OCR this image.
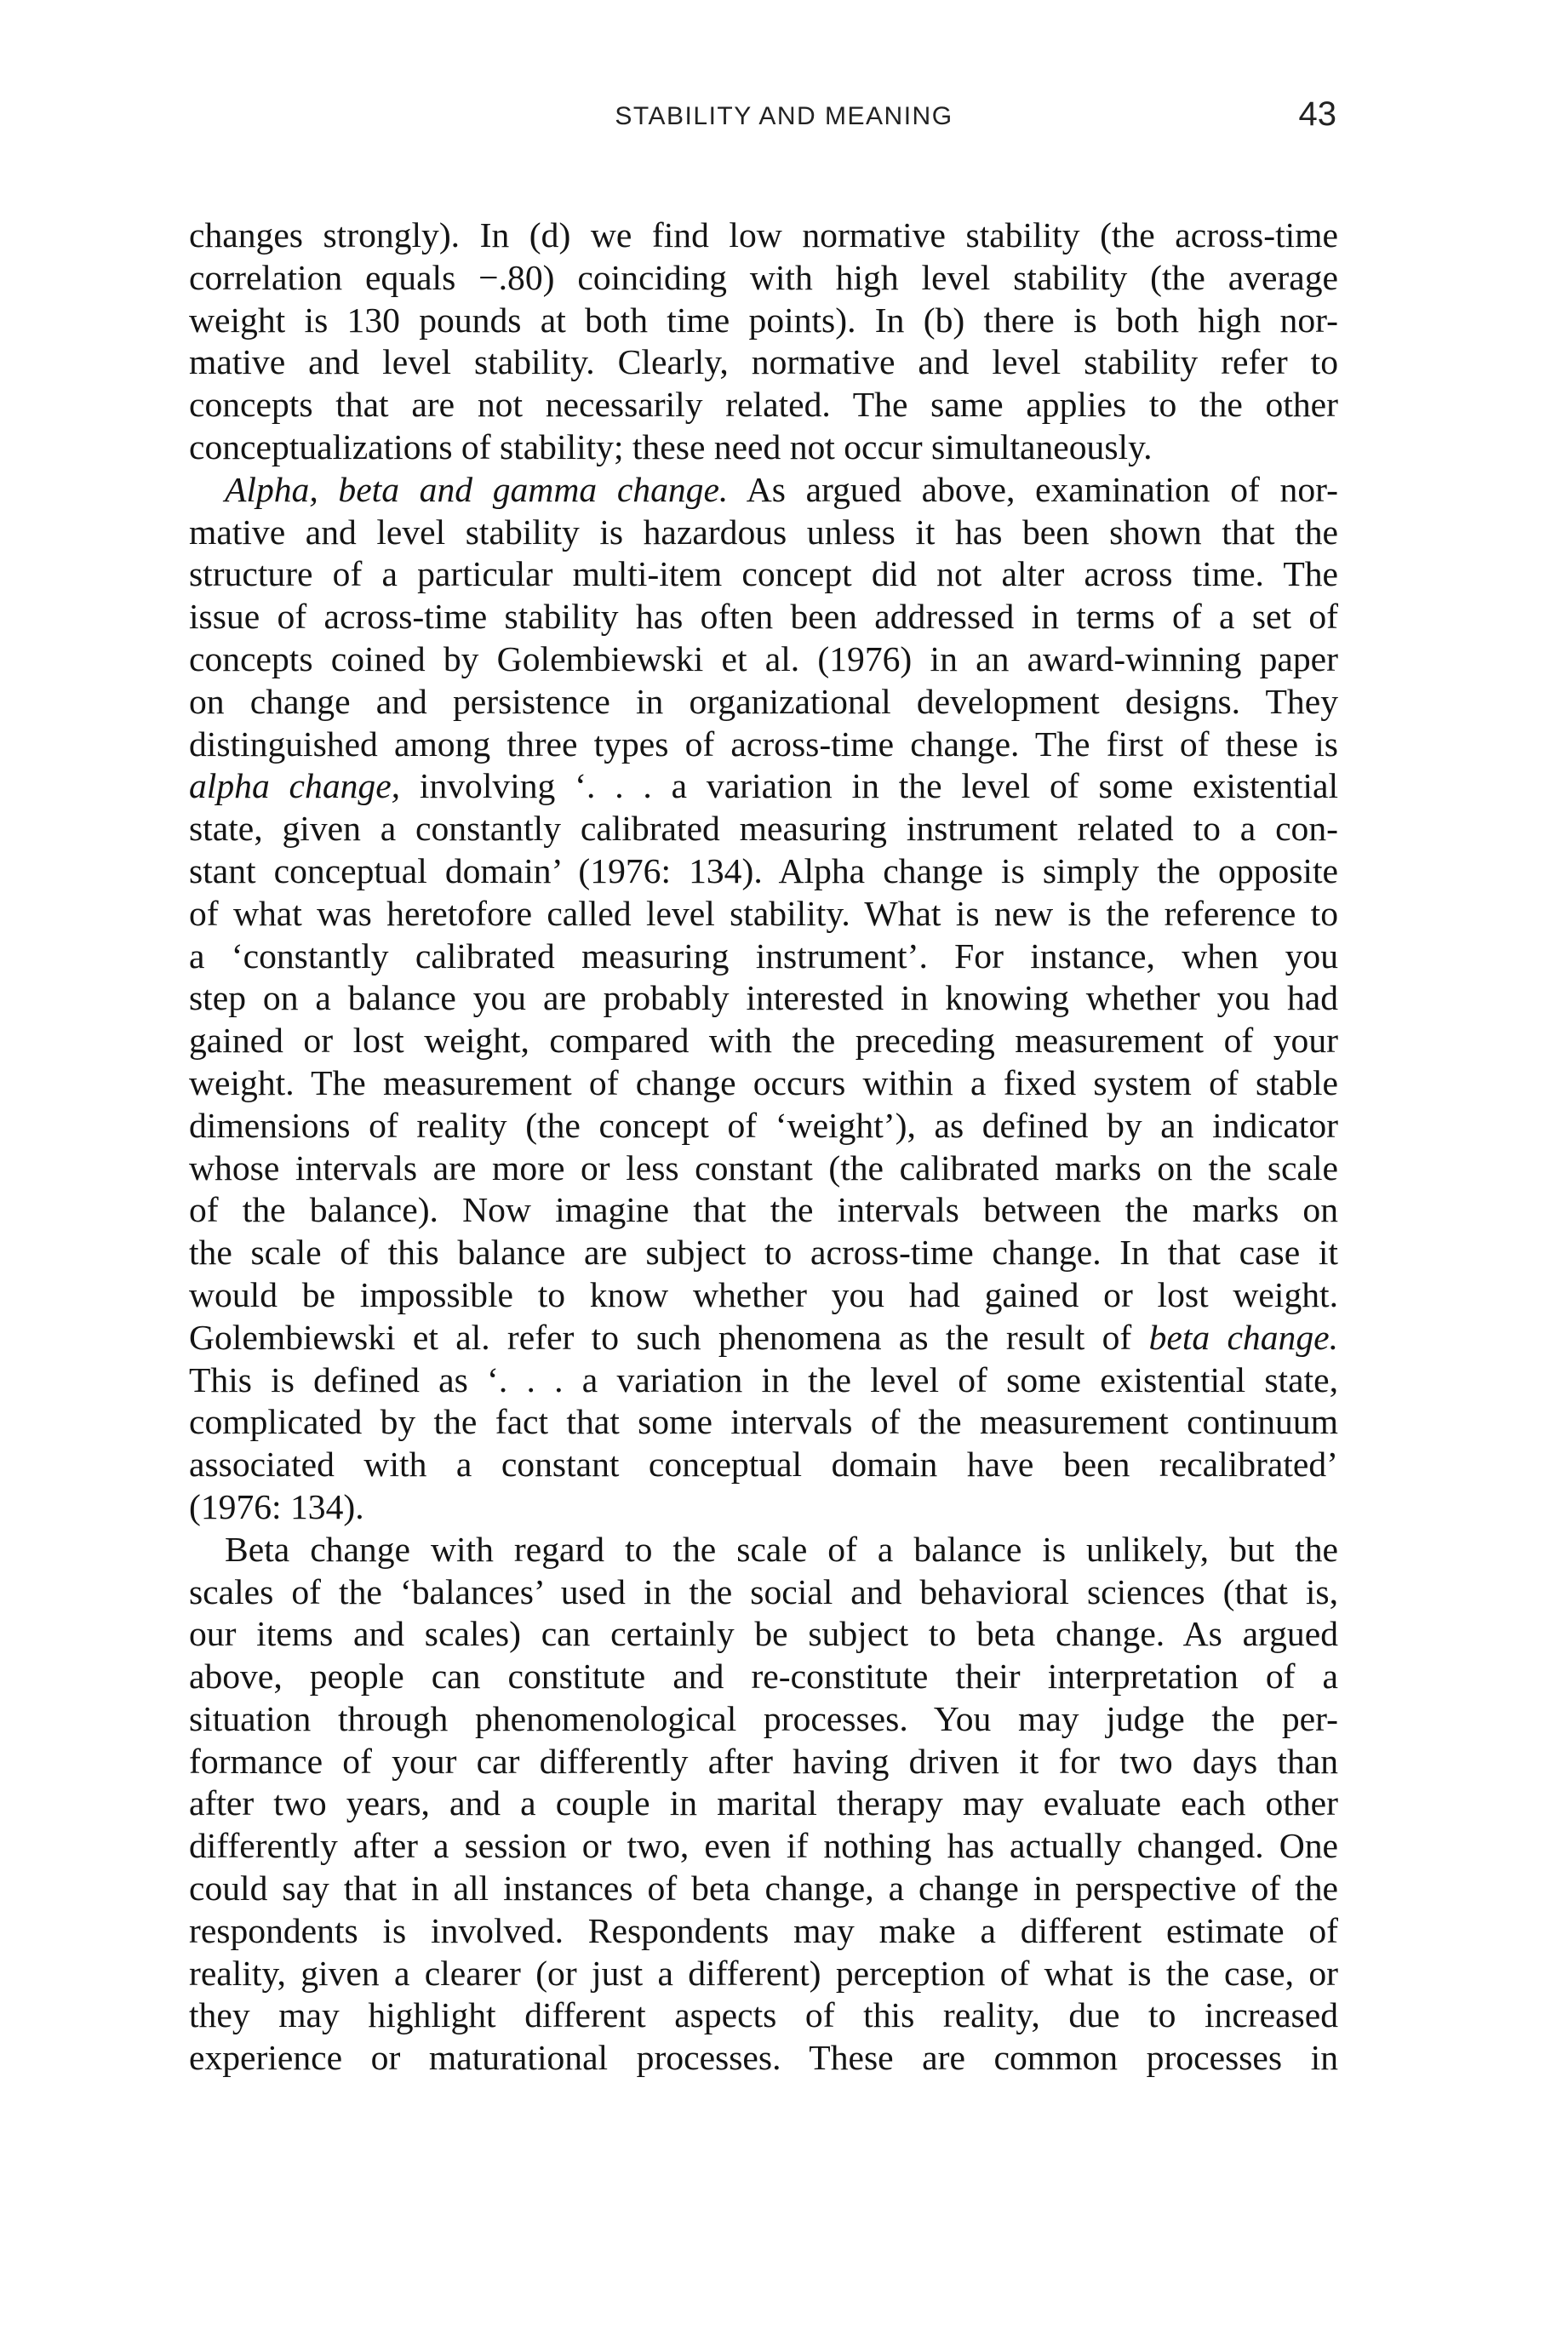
STABILITY AND MEANING	43
changes strongly). In (d) we find low normative stability (the across-time
correlation equals −.80) coinciding with high level stability (the average
weight is 130 pounds at both time points). In (b) there is both high nor-
mative and level stability. Clearly, normative and level stability refer to
concepts that are not necessarily related. The same applies to the other
conceptualizations of stability; these need not occur simultaneously.
Alpha, beta and gamma change. As argued above, examination of nor-
mative and level stability is hazardous unless it has been shown that the
structure of a particular multi-item concept did not alter across time. The
issue of across-time stability has often been addressed in terms of a set of
concepts coined by Golembiewski et al. (1976) in an award-winning paper
on change and persistence in organizational development designs. They
distinguished among three types of across-time change. The first of these is
alpha change, involving ‘. . . a variation in the level of some existential
state, given a constantly calibrated measuring instrument related to a con-
stant conceptual domain’ (1976: 134). Alpha change is simply the opposite
of what was heretofore called level stability. What is new is the reference to
a ‘constantly calibrated measuring instrument’. For instance, when you
step on a balance you are probably interested in knowing whether you had
gained or lost weight, compared with the preceding measurement of your
weight. The measurement of change occurs within a fixed system of stable
dimensions of reality (the concept of ‘weight’), as defined by an indicator
whose intervals are more or less constant (the calibrated marks on the scale
of the balance). Now imagine that the intervals between the marks on
the scale of this balance are subject to across-time change. In that case it
would be impossible to know whether you had gained or lost weight.
Golembiewski et al. refer to such phenomena as the result of beta change.
This is defined as ‘. . . a variation in the level of some existential state,
complicated by the fact that some intervals of the measurement continuum
associated with a constant conceptual domain have been recalibrated’
(1976: 134).
Beta change with regard to the scale of a balance is unlikely, but the
scales of the ‘balances’ used in the social and behavioral sciences (that is,
our items and scales) can certainly be subject to beta change. As argued
above, people can constitute and re-constitute their interpretation of a
situation through phenomenological processes. You may judge the per-
formance of your car differently after having driven it for two days than
after two years, and a couple in marital therapy may evaluate each other
differently after a session or two, even if nothing has actually changed. One
could say that in all instances of beta change, a change in perspective of the
respondents is involved. Respondents may make a different estimate of
reality, given a clearer (or just a different) perception of what is the case, or
they may highlight different aspects of this reality, due to increased
experience or maturational processes. These are common processes in
